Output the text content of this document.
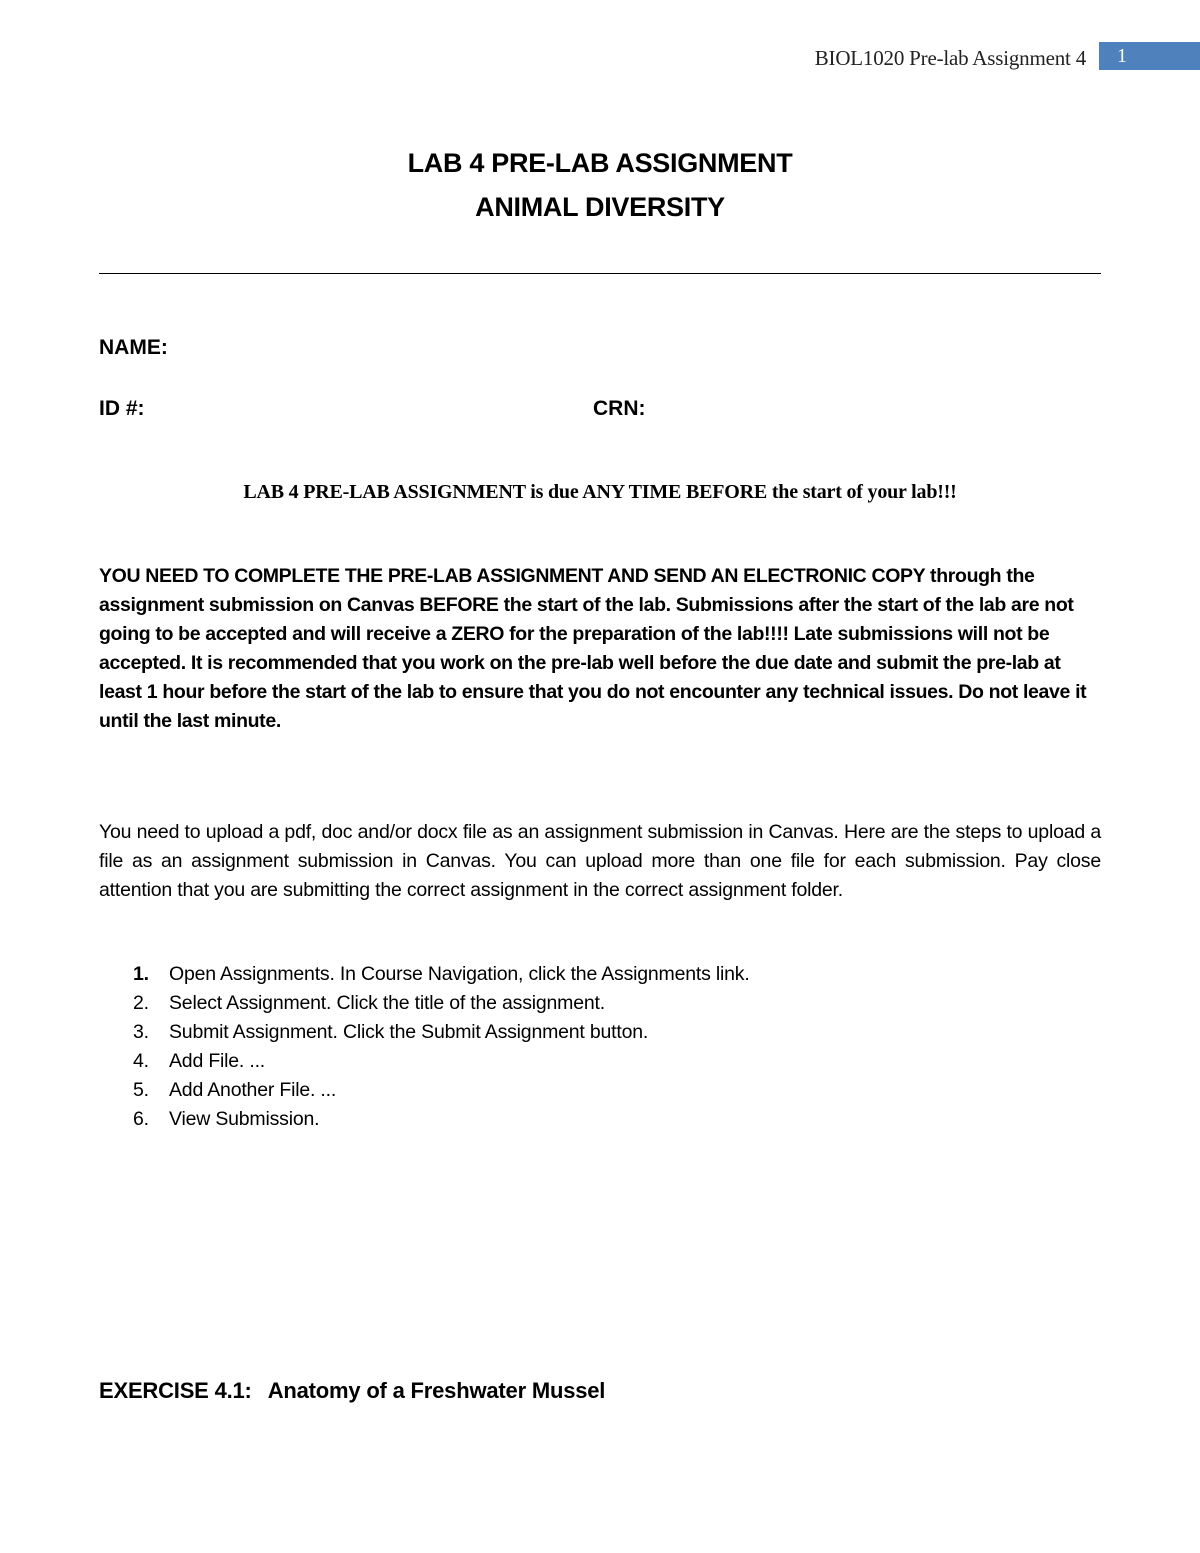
BIOL1020 Pre-lab Assignment 4	1
LAB 4 PRE-LAB ASSIGNMENT
ANIMAL DIVERSITY
NAME:
ID #:	CRN:
LAB 4 PRE-LAB ASSIGNMENT is due ANY TIME BEFORE the start of your lab!!!
YOU NEED TO COMPLETE THE PRE-LAB ASSIGNMENT AND SEND AN ELECTRONIC COPY through the assignment submission on Canvas BEFORE the start of the lab. Submissions after the start of the lab are not going to be accepted and will receive a ZERO for the preparation of the lab!!!! Late submissions will not be accepted. It is recommended that you work on the pre-lab well before the due date and submit the pre-lab at least 1 hour before the start of the lab to ensure that you do not encounter any technical issues. Do not leave it until the last minute.
You need to upload a pdf, doc and/or docx file as an assignment submission in Canvas. Here are the steps to upload a file as an assignment submission in Canvas. You can upload more than one file for each submission. Pay close attention that you are submitting the correct assignment in the correct assignment folder.
1. Open Assignments. In Course Navigation, click the Assignments link.
2. Select Assignment. Click the title of the assignment.
3. Submit Assignment. Click the Submit Assignment button.
4. Add File. ...
5. Add Another File. ...
6. View Submission.
EXERCISE 4.1: Anatomy of a Freshwater Mussel
